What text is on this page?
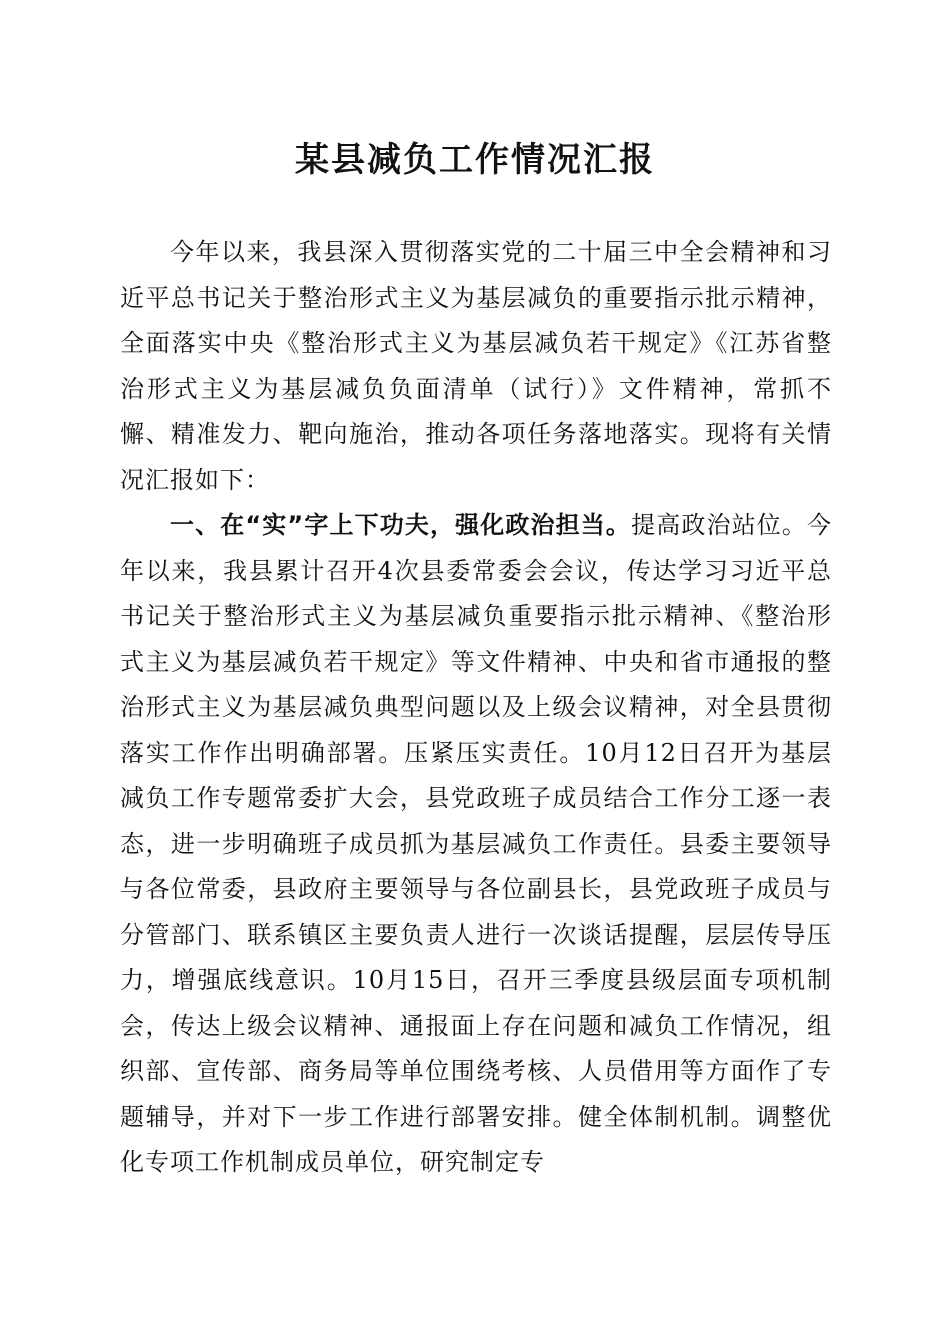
某县减负工作情况汇报

今年以来，我县深入贯彻落实党的二十届三中全会精神和习近平总书记关于整治形式主义为基层减负的重要指示批示精神，全面落实中央《整治形式主义为基层减负若干规定》《江苏省整治形式主义为基层减负负面清单（试行）》文件精神，常抓不懈、精准发力、靶向施治，推动各项任务落地落实。现将有关情况汇报如下：

一、在“实”字上下功夫，强化政治担当。提高政治站位。今年以来，我县累计召开4次县委常委会会议，传达学习习近平总书记关于整治形式主义为基层减负重要指示批示精神、《整治形式主义为基层减负若干规定》等文件精神、中央和省市通报的整治形式主义为基层减负典型问题以及上级会议精神，对全县贯彻落实工作作出明确部署。压紧压实责任。10月12日召开为基层减负工作专题常委扩大会，县党政班子成员结合工作分工逐一表态，进一步明确班子成员抓为基层减负工作责任。县委主要领导与各位常委，县政府主要领导与各位副县长，县党政班子成员与分管部门、联系镇区主要负责人进行一次谈话提醒，层层传导压力，增强底线意识。10月15日，召开三季度县级层面专项机制会，传达上级会议精神、通报面上存在问题和减负工作情况，组织部、宣传部、商务局等单位围绕考核、人员借用等方面作了专题辅导，并对下一步工作进行部署安排。健全体制机制。调整优化专项工作机制成员单位，研究制定专
